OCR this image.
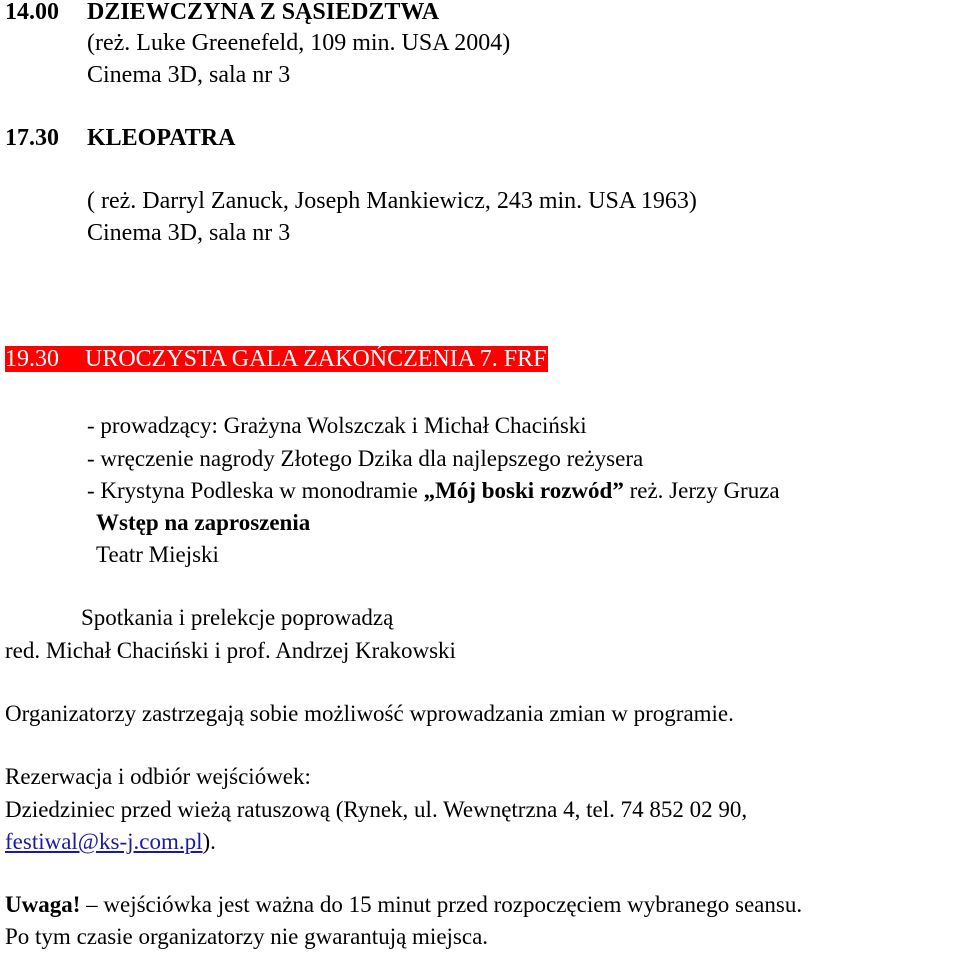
14.00 DZIEWCZYNA Z SĄSIEDZTWA
(reż. Luke Greenefeld, 109 min. USA 2004)
Cinema 3D, sala nr 3
17.30 KLEOPATRA
( reż. Darryl Zanuck, Joseph Mankiewicz, 243 min. USA 1963)
Cinema 3D, sala nr 3
19.30 UROCZYSTA GALA ZAKOŃCZENIA 7. FRF
- prowadzący: Grażyna Wolszczak i Michał Chaciński
- wręczenie nagrody Złotego Dzika dla najlepszego reżysera
- Krystyna Podleska w monodramie „Mój boski rozwód” reż. Jerzy Gruza
Wstęp na zaproszenia
Teatr Miejski
Spotkania i prelekcje poprowadzą
red. Michał Chaciński i prof. Andrzej Krakowski
Organizatorzy zastrzegają sobie możliwość wprowadzania zmian w programie.
Rezerwacja i odbiór wejściówek:
Dziedziniec przed wieżą ratuszową (Rynek, ul. Wewnętrzna 4, tel. 74 852 02 90,
festiwal@ks-j.com.pl).
Uwaga! – wejściówka jest ważna do 15 minut przed rozpoczęciem wybranego seansu.
Po tym czasie organizatorzy nie gwarantują miejsca.
